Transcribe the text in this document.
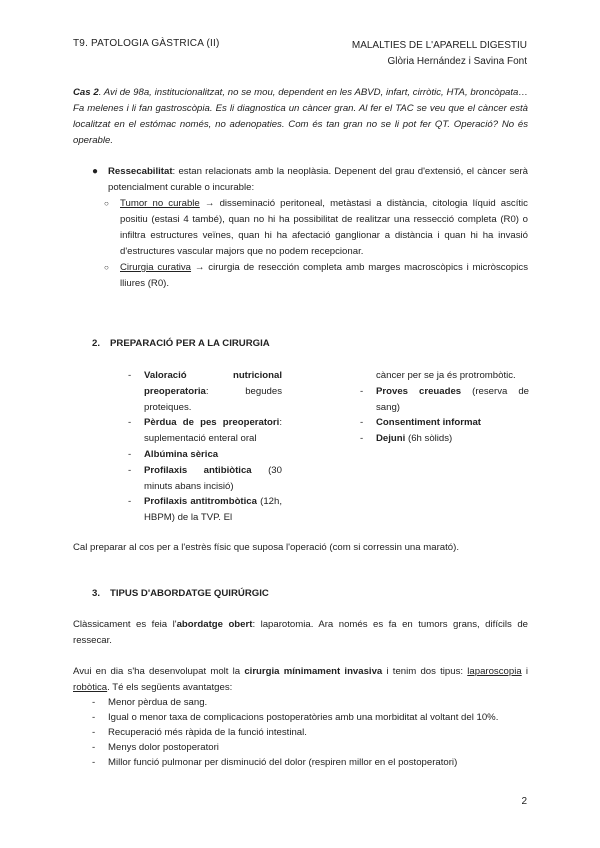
T9. PATOLOGIA GÀSTRICA (II)	MALALTIES DE L'APARELL DIGESTIU
Glòria Hernández i Savina Font
Cas 2. Avi de 98a, institucionalitzat, no se mou, dependent en les ABVD, infart, cirròtic, HTA, broncòpata… Fa melenes i li fan gastroscòpia. Es li diagnostica un càncer gran. Al fer el TAC se veu que el càncer està localitzat en el estómac només, no adenopaties. Com és tan gran no se li pot fer QT. Operació? No és operable.
● Ressecabilitat: estan relacionats amb la neoplàsia. Depenent del grau d'extensió, el càncer serà potencialment curable o incurable:
○ Tumor no curable → disseminació peritoneal, metàstasi a distància, citologia líquid ascític positiu (estasi 4 també), quan no hi ha possibilitat de realitzar una ressecció completa (R0) o infiltra estructures veïnes, quan hi ha afectació ganglionar a distància i quan hi ha invasió d'estructures vascular majors que no podem recepcionar.
○ Cirurgia curativa → cirurgia de resección completa amb marges macroscòpics i micròscopics lliures (R0).
2. PREPARACIÓ PER A LA CIRURGIA
- Valoració	nutricional
preoperatoria:	begudes
proteiques.
- Pèrdua de pes preoperatori: suplementació enteral oral
- Albúmina sèrica
- Profilaxis antibiòtica (30 minuts abans incisió)
- Profilaxis antitrombòtica (12h, HBPM) de la TVP. El
càncer per se ja és protrombòtic.
- Proves creuades (reserva de sang)
- Consentiment informat
- Dejuni (6h sòlids)
Cal preparar al cos per a l'estrès físic que suposa l'operació (com si corressin una marató).
3. TIPUS D'ABORDATGE QUIRÚRGIC
Clàssicament es feia l'abordatge obert: laparotomia. Ara només es fa en tumors grans, difícils de ressecar.
Avui en dia s'ha desenvolupat molt la cirurgia mínimament invasiva i tenim dos tipus: laparoscopia i robòtica. Té els següents avantatges:
- Menor pèrdua de sang.
- Igual o menor taxa de complicacions postoperatòries amb una morbiditat al voltant del 10%.
- Recuperació més ràpida de la funció intestinal.
- Menys dolor postoperatori
- Millor funció pulmonar per disminució del dolor (respiren millor en el postoperatori)
2
